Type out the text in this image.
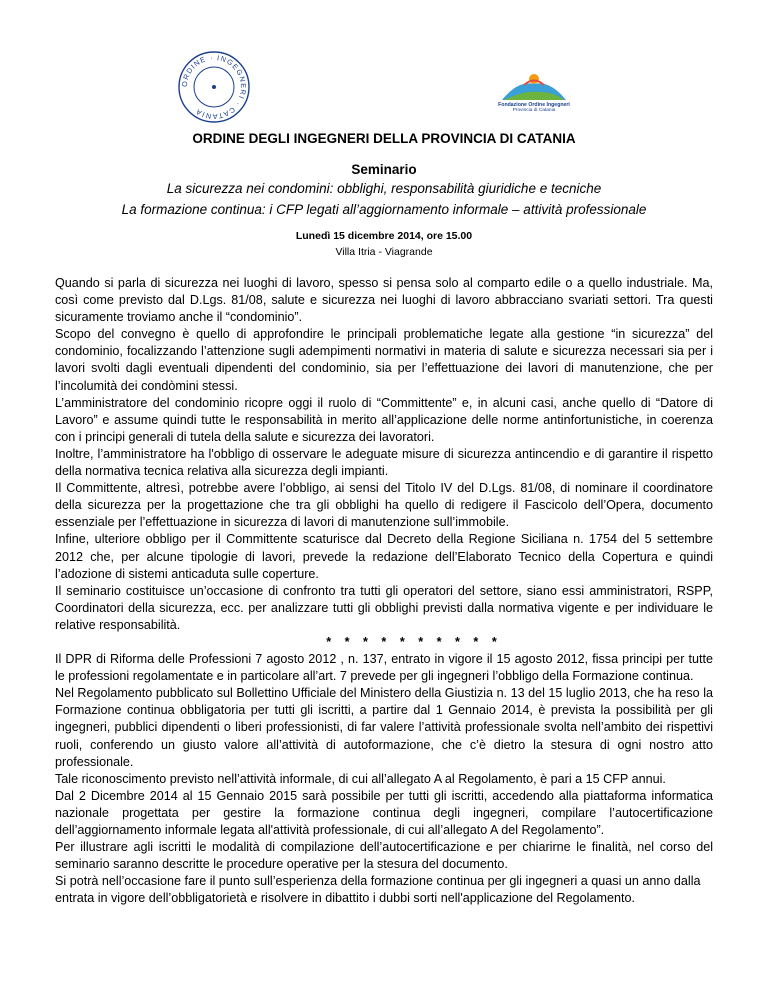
ORDINE · INGEGNERI · CATANIA
Fondazione Ordine Ingegneri
Provincia di Catania
ORDINE DEGLI INGEGNERI DELLA PROVINCIA DI CATANIA
Seminario
La sicurezza nei condomini: obblighi, responsabilità giuridiche e tecniche
La formazione continua: i CFP legati all’aggiornamento informale – attività professionale
Lunedì 15 dicembre 2014, ore 15.00
Villa Itria - Viagrande

Quando si parla di sicurezza nei luoghi di lavoro, spesso si pensa solo al comparto edile o a quello industriale. Ma, così come previsto dal D.Lgs. 81/08, salute e sicurezza nei luoghi di lavoro abbracciano svariati settori. Tra questi sicuramente troviamo anche il “condominio”.

Scopo del convegno è quello di approfondire le principali problematiche legate alla gestione “in sicurezza” del condominio, focalizzando l’attenzione sugli adempimenti normativi in materia di salute e sicurezza necessari sia per i lavori svolti dagli eventuali dipendenti del condominio, sia per l’effettuazione dei lavori di manutenzione, che per l’incolumità dei condòmini stessi.

L’amministratore del condominio ricopre oggi il ruolo di “Committente” e, in alcuni casi, anche quello di “Datore di Lavoro” e assume quindi tutte le responsabilità in merito all’applicazione delle norme antinfortunistiche, in coerenza con i principi generali di tutela della salute e sicurezza dei lavoratori.

Inoltre, l’amministratore ha l'obbligo di osservare le adeguate misure di sicurezza antincendio e di garantire il rispetto della normativa tecnica relativa alla sicurezza degli impianti.

Il Committente, altresì, potrebbe avere l’obbligo, ai sensi del Titolo IV del D.Lgs. 81/08, di nominare il coordinatore della sicurezza per la progettazione che tra gli obblighi ha quello di redigere il Fascicolo dell’Opera, documento essenziale per l’effettuazione in sicurezza di lavori di manutenzione sull’immobile.

Infine, ulteriore obbligo per il Committente scaturisce dal Decreto della Regione Siciliana n. 1754 del 5 settembre 2012 che, per alcune tipologie di lavori, prevede la redazione dell’Elaborato Tecnico della Copertura e quindi l’adozione di sistemi anticaduta sulle coperture.

Il seminario costituisce un’occasione di confronto tra tutti gli operatori del settore, siano essi amministratori, RSPP, Coordinatori della sicurezza, ecc. per analizzare tutti gli obblighi previsti dalla normativa vigente e per individuare le relative responsabilità.

* * * * * * * * * *

Il DPR di Riforma delle Professioni 7 agosto 2012 , n. 137, entrato in vigore il 15 agosto 2012, fissa principi per tutte le professioni regolamentate e in particolare all’art. 7 prevede per gli ingegneri l’obbligo della Formazione continua.

Nel Regolamento pubblicato sul Bollettino Ufficiale del Ministero della Giustizia n. 13 del 15 luglio 2013, che ha reso la Formazione continua obbligatoria per tutti gli iscritti, a partire dal 1 Gennaio 2014, è prevista la possibilità per gli ingegneri, pubblici dipendenti o liberi professionisti, di far valere l’attività professionale svolta nell’ambito dei rispettivi ruoli, conferendo un giusto valore all’attività di autoformazione, che c’è dietro la stesura di ogni nostro atto professionale.

Tale riconoscimento previsto nell’attività informale, di cui all’allegato A al Regolamento, è pari a 15 CFP annui.

Dal 2 Dicembre 2014 al 15 Gennaio 2015 sarà possibile per tutti gli iscritti, accedendo alla piattaforma informatica nazionale progettata per gestire la formazione continua degli ingegneri, compilare l’autocertificazione dell’aggiornamento informale legata all'attività professionale, di cui all’allegato A del Regolamento”.

Per illustrare agli iscritti le modalità di compilazione dell’autocertificazione e per chiarirne le finalità, nel corso del seminario saranno descritte le procedure operative per la stesura del documento.

Si potrà nell’occasione fare il punto sull’esperienza della formazione continua per gli ingegneri a quasi un anno dalla entrata in vigore dell’obbligatorietà e risolvere in dibattito i dubbi sorti nell'applicazione del Regolamento.
